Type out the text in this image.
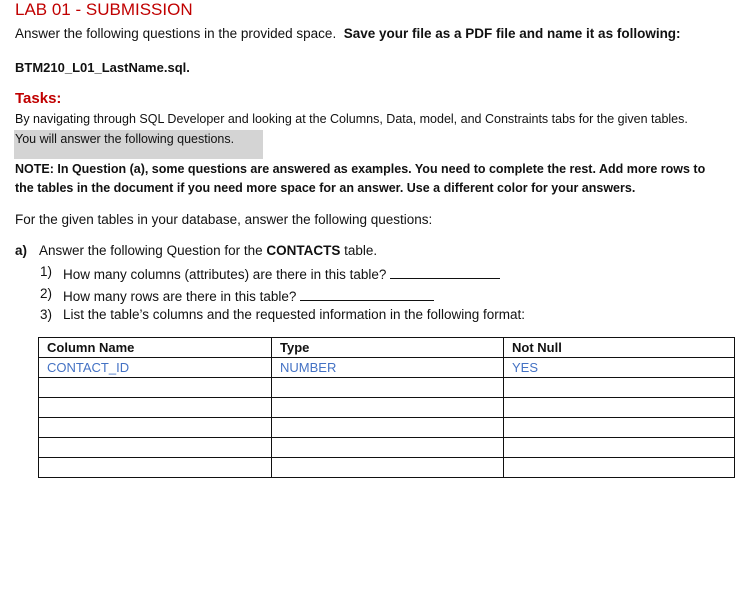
LAB 01 - SUBMISSION
Answer the following questions in the provided space. Save your file as a PDF file and name it as following:
BTM210_L01_LastName.sql.
Tasks:
By navigating through SQL Developer and looking at the Columns, Data, model, and Constraints tabs for the given tables.
You will answer the following questions.
NOTE: In Question (a), some questions are answered as examples. You need to complete the rest. Add more rows to
the tables in the document if you need more space for an answer. Use a different color for your answers.
For the given tables in your database, answer the following questions:
a) Answer the following Question for the CONTACTS table.
1) How many columns (attributes) are there in this table?
2) How many rows are there in this table?
3) List the table’s columns and the requested information in the following format:
Column Name	Type	Not Null
CONTACT_ID	NUMBER	YES
